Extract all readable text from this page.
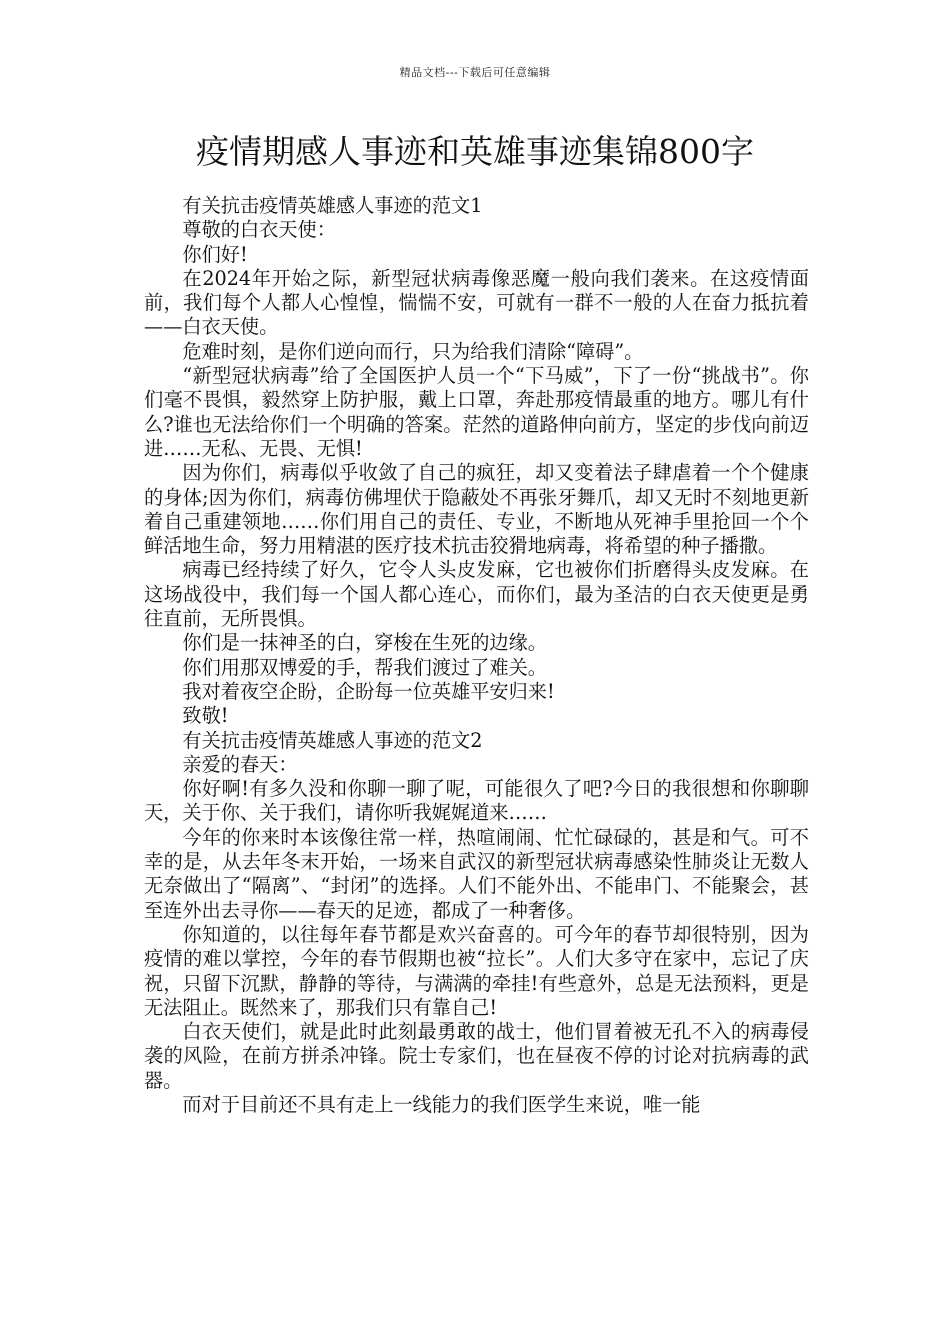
精品文档---下载后可任意编辑
疫情期感人事迹和英雄事迹集锦800字

有关抗击疫情英雄感人事迹的范文1

尊敬的白衣天使：

你们好!

在2024年开始之际，新型冠状病毒像恶魔一般向我们袭来。在这疫情面前，我们每个人都人心惶惶，惴惴不安，可就有一群不一般的人在奋力抵抗着——白衣天使。

危难时刻，是你们逆向而行，只为给我们清除“障碍”。

“新型冠状病毒”给了全国医护人员一个“下马威”，下了一份“挑战书”。你们毫不畏惧，毅然穿上防护服，戴上口罩，奔赴那疫情最重的地方。哪儿有什么?谁也无法给你们一个明确的答案。茫然的道路伸向前方，坚定的步伐向前迈进……无私、无畏、无惧!

因为你们，病毒似乎收敛了自己的疯狂，却又变着法子肆虐着一个个健康的身体;因为你们，病毒仿佛埋伏于隐蔽处不再张牙舞爪，却又无时不刻地更新着自己重建领地……你们用自己的责任、专业，不断地从死神手里抢回一个个鲜活地生命，努力用精湛的医疗技术抗击狡猾地病毒，将希望的种子播撒。

病毒已经持续了好久，它令人头皮发麻，它也被你们折磨得头皮发麻。在这场战役中，我们每一个国人都心连心，而你们，最为圣洁的白衣天使更是勇往直前，无所畏惧。

你们是一抹神圣的白，穿梭在生死的边缘。

你们用那双博爱的手，帮我们渡过了难关。

我对着夜空企盼，企盼每一位英雄平安归来!

致敬!

有关抗击疫情英雄感人事迹的范文2

亲爱的春天：

你好啊!有多久没和你聊一聊了呢，可能很久了吧?今日的我很想和你聊聊天，关于你、关于我们，请你听我娓娓道来……

今年的你来时本该像往常一样，热喧闹闹、忙忙碌碌的，甚是和气。可不幸的是，从去年冬末开始，一场来自武汉的新型冠状病毒感染性肺炎让无数人无奈做出了“隔离”、“封闭”的选择。人们不能外出、不能串门、不能聚会，甚至连外出去寻你——春天的足迹，都成了一种奢侈。

你知道的，以往每年春节都是欢兴奋喜的。可今年的春节却很特别，因为疫情的难以掌控，今年的春节假期也被“拉长”。人们大多守在家中，忘记了庆祝，只留下沉默，静静的等待，与满满的牵挂!有些意外，总是无法预料，更是无法阻止。既然来了，那我们只有靠自己!

白衣天使们，就是此时此刻最勇敢的战士，他们冒着被无孔不入的病毒侵袭的风险，在前方拼杀冲锋。院士专家们，也在昼夜不停的讨论对抗病毒的武器。

而对于目前还不具有走上一线能力的我们医学生来说，唯一能
